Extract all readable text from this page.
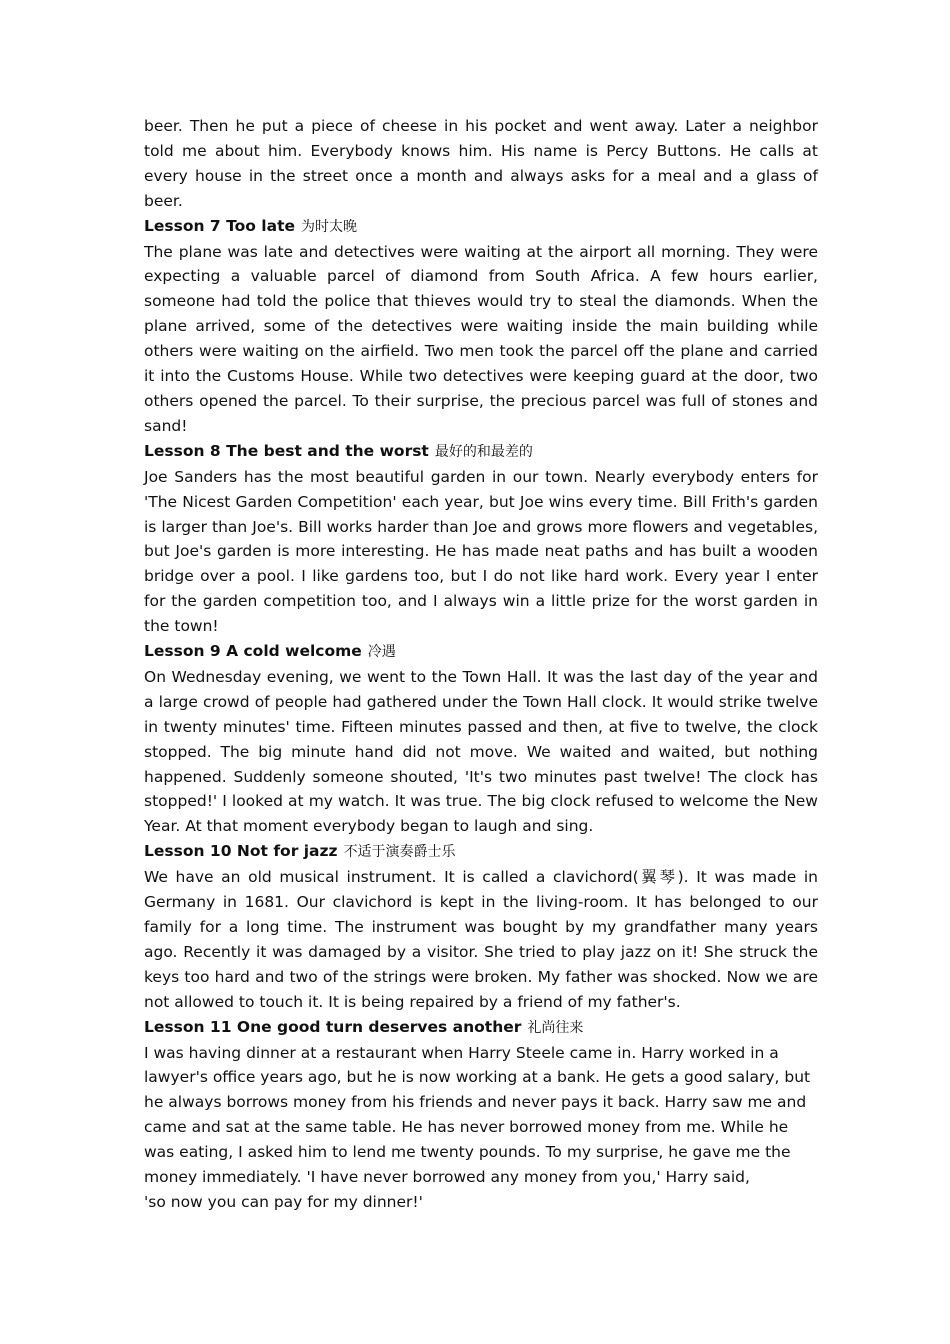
beer. Then he put a piece of cheese in his pocket and went away. Later a neighbor told me about him. Everybody knows him. His name is Percy Buttons. He calls at every house in the street once a month and always asks for a meal and a glass of beer.

Lesson 7 Too late 为时太晚

The plane was late and detectives were waiting at the airport all morning. They were expecting a valuable parcel of diamond from South Africa. A few hours earlier, someone had told the police that thieves would try to steal the diamonds. When the plane arrived, some of the detectives were waiting inside the main building while others were waiting on the airfield. Two men took the parcel off the plane and carried it into the Customs House. While two detectives were keeping guard at the door, two others opened the parcel. To their surprise, the precious parcel was full of stones and sand!

Lesson 8 The best and the worst 最好的和最差的

Joe Sanders has the most beautiful garden in our town. Nearly everybody enters for 'The Nicest Garden Competition' each year, but Joe wins every time. Bill Frith's garden is larger than Joe's. Bill works harder than Joe and grows more flowers and vegetables, but Joe's garden is more interesting. He has made neat paths and has built a wooden bridge over a pool. I like gardens too, but I do not like hard work. Every year I enter for the garden competition too, and I always win a little prize for the worst garden in the town!

Lesson 9 A cold welcome 冷遇

On Wednesday evening, we went to the Town Hall. It was the last day of the year and a large crowd of people had gathered under the Town Hall clock. It would strike twelve in twenty minutes' time. Fifteen minutes passed and then, at five to twelve, the clock stopped. The big minute hand did not move. We waited and waited, but nothing happened. Suddenly someone shouted, 'It's two minutes past twelve! The clock has stopped!' I looked at my watch. It was true. The big clock refused to welcome the New Year. At that moment everybody began to laugh and sing.

Lesson 10 Not for jazz 不适于演奏爵士乐

We have an old musical instrument. It is called a clavichord(翼琴). It was made in Germany in 1681. Our clavichord is kept in the living-room. It has belonged to our family for a long time. The instrument was bought by my grandfather many years ago. Recently it was damaged by a visitor. She tried to play jazz on it! She struck the keys too hard and two of the strings were broken. My father was shocked. Now we are not allowed to touch it. It is being repaired by a friend of my father's.

Lesson 11 One good turn deserves another 礼尚往来

I was having dinner at a restaurant when Harry Steele came in. Harry worked in a lawyer's office years ago, but he is now working at a bank. He gets a good salary, but he always borrows money from his friends and never pays it back. Harry saw me and came and sat at the same table. He has never borrowed money from me. While he was eating, I asked him to lend me twenty pounds. To my surprise, he gave me the money immediately. 'I have never borrowed any money from you,' Harry said,

'so now you can pay for my dinner!'
